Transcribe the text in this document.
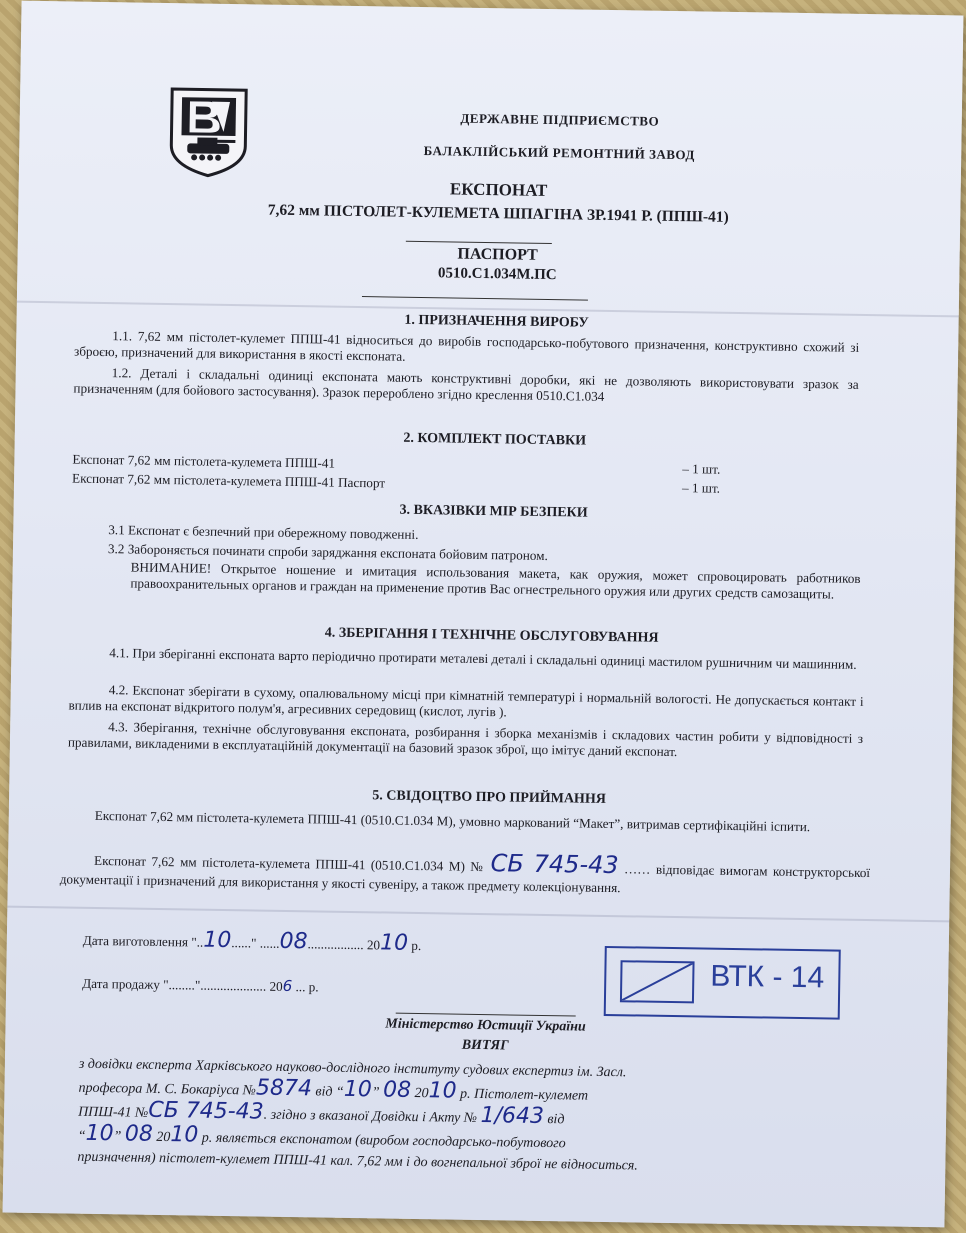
ДЕРЖАВНЕ ПІДПРИЄМСТВО
БАЛАКЛІЙСЬКИЙ РЕМОНТНИЙ ЗАВОД
ЕКСПОНАТ
7,62 мм ПІСТОЛЕТ-КУЛЕМЕТА ШПАГІНА ЗР.1941 Р. (ППШ-41)
ПАСПОРТ
0510.С1.034М.ПС
1. ПРИЗНАЧЕННЯ ВИРОБУ
1.1. 7,62 мм пістолет-кулемет ППШ-41 відноситься до виробів господарсько-побутового призначення, конструктивно схожий зі зброєю, призначений для використання в якості експоната.
1.2. Деталі і складальні одиниці експоната мають конструктивні доробки, які не дозволяють використовувати зразок за призначенням (для бойового застосування). Зразок перероблено згідно креслення 0510.С1.034
2. КОМПЛЕКТ ПОСТАВКИ
Експонат 7,62 мм пістолета-кулемета ППШ-41	– 1 шт.
Експонат 7,62 мм пістолета-кулемета ППШ-41 Паспорт	– 1 шт.
3. ВКАЗІВКИ МІР БЕЗПЕКИ
3.1 Експонат є безпечний при обережному поводженні.
3.2 Забороняється починати спроби заряджання експоната бойовим патроном.
ВНИМАНИЕ! Открытое ношение и имитация использования макета, как оружия, может спровоцировать работников правоохранительных органов и граждан на применение против Вас огнестрельного оружия или других средств самозащиты.
4. ЗБЕРІГАННЯ І ТЕХНІЧНЕ ОБСЛУГОВУВАННЯ
4.1. При зберіганні експоната варто періодично протирати металеві деталі і складальні одиниці мастилом рушничним чи машинним.
4.2. Експонат зберігати в сухому, опалювальному місці при кімнатній температурі і нормальній вологості. Не допускається контакт і вплив на експонат відкритого полум'я, агресивних середовищ (кислот, лугів ).
4.3. Зберігання, технічне обслуговування експоната, розбирання і зборка механізмів і складових частин робити у відповідності з правилами, викладеними в експлуатаційній документації на базовий зразок зброї, що імітує даний експонат.
5. СВІДОЦТВО ПРО ПРИЙМАННЯ
Експонат 7,62 мм пістолета-кулемета ППШ-41 (0510.С1.034 М), умовно маркований “Макет”, витримав сертифікаційні іспити.
Експонат 7,62 мм пістолета-кулемета ППШ-41 (0510.С1.034 М) № СБ 745-43 …… відповідає вимогам конструкторської документації і призначений для використання у якості сувеніру, а також предмету колекціонування.
Дата виготовлення "..10......" ......08................. 2010 р.
Дата продажу "........".................... 206 ... р.	ВТК - 14
Міністерство Юстиції України
ВИТЯГ
з довідки експерта Харківського науково-дослідного інституту судових експертиз ім. Засл.
професора М. С. Бокаріуса №5874 від “10” 08 2010 р. Пістолет-кулемет
ППШ-41 №СБ 745-43. згідно з вказаної Довідки і Акту № 1/643 від
“10” 08 2010 р. являється експонатом (виробом господарсько-побутового
призначення) пістолет-кулемет ППШ-41 кал. 7,62 мм і до вогнепальної зброї не відноситься.
